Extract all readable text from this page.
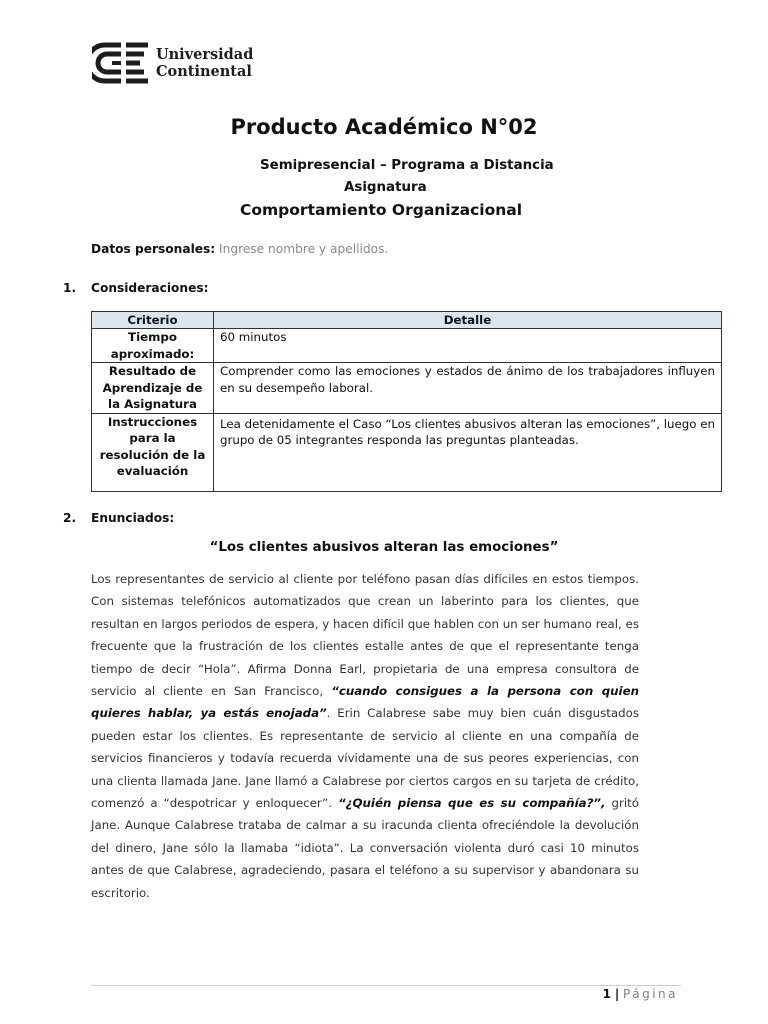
Universidad
Continental
Producto Académico N°02
Semipresencial – Programa a Distancia
Asignatura
Comportamiento Organizacional
Datos personales: Ingrese nombre y apellidos.
1. Consideraciones:
Criterio	Detalle
Tiempo aproximado:	60 minutos
Resultado de Aprendizaje de la Asignatura	Comprender como las emociones y estados de ánimo de los trabajadores influyen en su desempeño laboral.
Instrucciones para la resolución de la evaluación	Lea detenidamente el Caso “Los clientes abusivos alteran las emociones”, luego en grupo de 05 integrantes responda las preguntas planteadas.
2. Enunciados:
“Los clientes abusivos alteran las emociones”
Los representantes de servicio al cliente por teléfono pasan días difíciles en estos tiempos. Con sistemas telefónicos automatizados que crean un laberinto para los clientes, que resultan en largos periodos de espera, y hacen difícil que hablen con un ser humano real, es frecuente que la frustración de los clientes estalle antes de que el representante tenga tiempo de decir “Hola”. Afirma Donna Earl, propietaria de una empresa consultora de servicio al cliente en San Francisco, “cuando consigues a la persona con quien quieres hablar, ya estás enojada”. Erin Calabrese sabe muy bien cuán disgustados pueden estar los clientes. Es representante de servicio al cliente en una compañía de servicios financieros y todavía recuerda vívidamente una de sus peores experiencias, con una clienta llamada Jane. Jane llamó a Calabrese por ciertos cargos en su tarjeta de crédito, comenzó a “despotricar y enloquecer”. “¿Quién piensa que es su compañía?”, gritó Jane. Aunque Calabrese trataba de calmar a su iracunda clienta ofreciéndole la devolución del dinero, Jane sólo la llamaba “idiota”. La conversación violenta duró casi 10 minutos antes de que Calabrese, agradeciendo, pasara el teléfono a su supervisor y abandonara su escritorio.
1 | Página
